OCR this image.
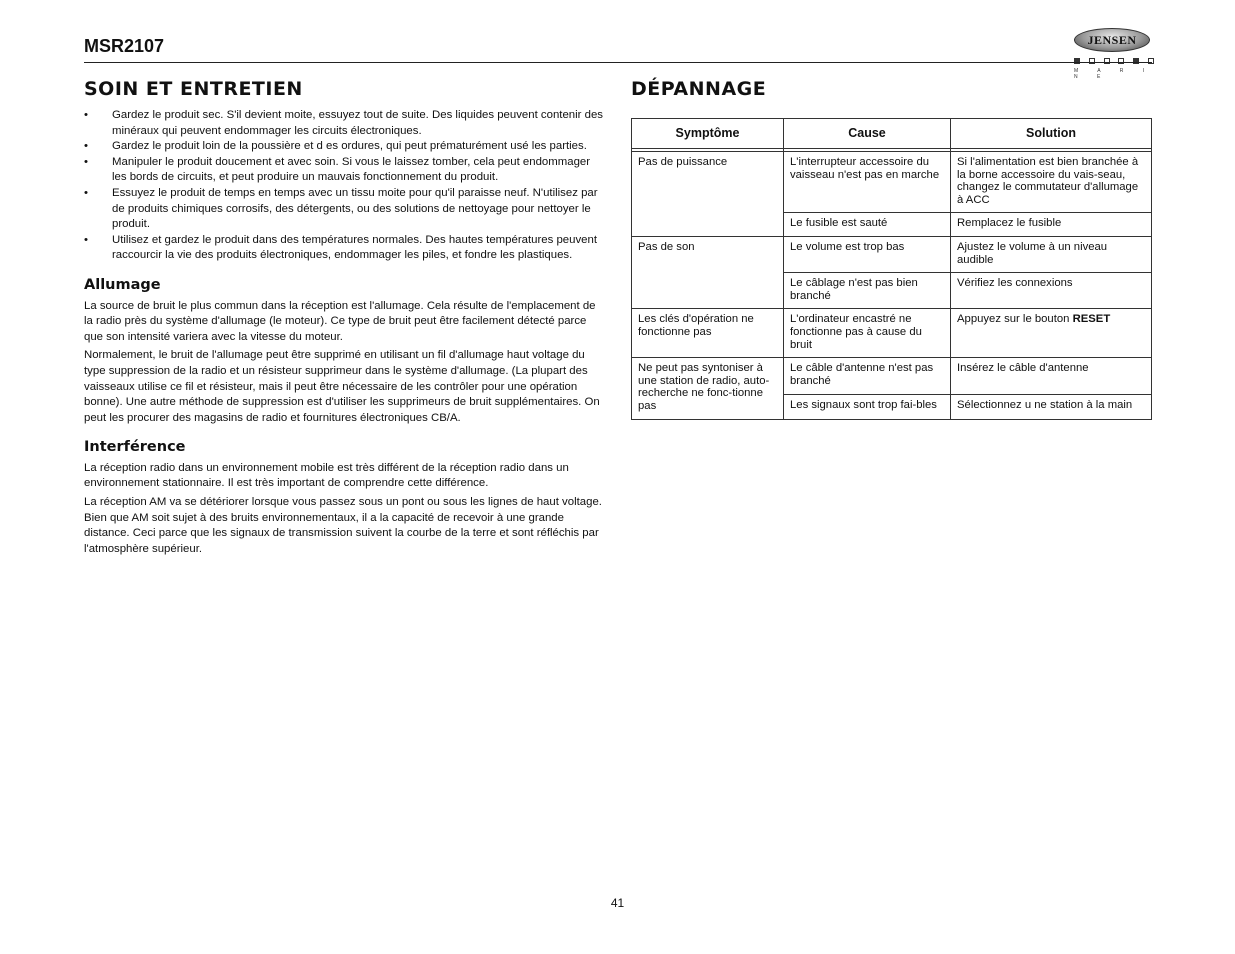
MSR2107	JENSEN
M A R I N E
SOIN ET ENTRETIEN	DÉPANNAGE
• Gardez le produit sec. S'il devient moite, essuyez tout de suite. Des liquides peuvent contenir des minéraux qui peuvent endommager les circuits électroniques.
• Gardez le produit loin de la poussière et d es ordures, qui peut prématurément usé les parties.
• Manipuler le produit doucement et avec soin. Si vous le laissez tomber, cela peut endommager les bords de circuits, et peut produire un mauvais fonctionnement du produit.
• Essuyez le produit de temps en temps avec un tissu moite pour qu'il paraisse neuf. N'utilisez par de produits chimiques corrosifs, des détergents, ou des solutions de nettoyage pour nettoyer le produit.
• Utilisez et gardez le produit dans des températures normales. Des hautes températures peuvent raccourcir la vie des produits électroniques, endommager les piles, et fondre les plastiques.
Allumage

La source de bruit le plus commun dans la réception est l'allumage. Cela résulte de l'emplacement de la radio près du système d'allumage (le moteur). Ce type de bruit peut être facilement détecté parce que son intensité variera avec la vitesse du moteur.

Normalement, le bruit de l'allumage peut être supprimé en utilisant un fil d'allumage haut voltage du type suppression de la radio et un résisteur supprimeur dans le système d'allumage. (La plupart des vaisseaux utilise ce fil et résisteur, mais il peut être nécessaire de les contrôler pour une opération bonne). Une autre méthode de suppression est d'utiliser les supprimeurs de bruit supplémentaires. On peut les procurer des magasins de radio et fournitures électroniques CB/A.

Interférence

La réception radio dans un environnement mobile est très différent de la réception radio dans un environnement stationnaire. Il est très important de comprendre cette différence.

La réception AM va se détériorer lorsque vous passez sous un pont ou sous les lignes de haut voltage. Bien que AM soit sujet à des bruits environnementaux, il a la capacité de recevoir à une grande distance. Ceci parce que les signaux de transmission suivent la courbe de la terre et sont réfléchis par l'atmosphère supérieur.

Symptôme	Cause	Solution

Pas de puissance	L'interrupteur accessoire du vaisseau n'est pas en marche	Si l'alimentation est bien branchée à la borne accessoire du vais-seau, changez le commutateur d'allumage à ACC
	Le fusible est sauté	Remplacez le fusible
Pas de son	Le volume est trop bas	Ajustez le volume à un niveau audible
	Le câblage n'est pas bien branché	Vérifiez les connexions
Les clés d'opération ne fonctionne pas	L'ordinateur encastré ne fonctionne pas à cause du bruit	Appuyez sur le bouton RESET
Ne peut pas syntoniser à une station de radio, auto-recherche ne fonc-tionne pas	Le câble d'antenne n'est pas branché	Insérez le câble d'antenne
	Les signaux sont trop fai-bles	Sélectionnez u ne station à la main
41
